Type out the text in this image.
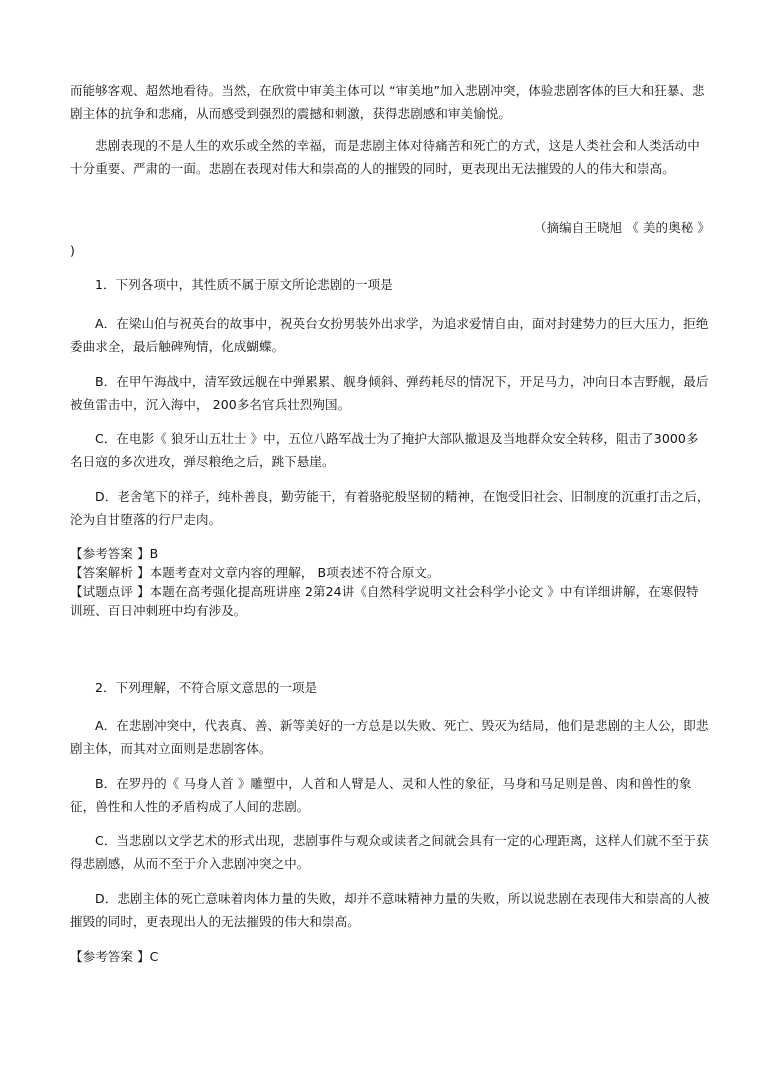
而能够客观、超然地看待。当然，在欣赏中审美主体可以 “审美地”加入悲剧冲突，体验悲剧客体的巨大和狂暴、悲剧主体的抗争和悲痛，从而感受到强烈的震撼和刺激，获得悲剧感和审美愉悦。

悲剧表现的不是人生的欢乐或全然的幸福，而是悲剧主体对待痛苦和死亡的方式，这是人类社会和人类活动中十分重要、严肃的一面。悲剧在表现对伟大和崇高的人的摧毁的同时，更表现出无法摧毁的人的伟大和崇高。

（摘编自王晓旭 《 美的奥秘 》

)

1．下列各项中，其性质不属于原文所论悲剧的一项是

A．在梁山伯与祝英台的故事中，祝英台女扮男装外出求学，为追求爱情自由，面对封建势力的巨大压力，拒绝委曲求全，最后触碑殉情，化成蝴蝶。

B．在甲午海战中，清军致远舰在中弹累累、舰身倾斜、弹药耗尽的情况下，开足马力，冲向日本吉野舰，最后被鱼雷击中，沉入海中， 200多名官兵壮烈殉国。

C．在电影《 狼牙山五壮士 》中，五位八路军战士为了掩护大部队撤退及当地群众安全转移，阻击了3000多名日寇的多次进攻，弹尽粮绝之后，跳下悬崖。

D．老舍笔下的祥子，纯朴善良，勤劳能干，有着骆驼般坚韧的精神，在饱受旧社会、旧制度的沉重打击之后，沦为自甘堕落的行尸走肉。

【参考答案 】B

【答案解析 】本题考查对文章内容的理解， B项表述不符合原文。

【试题点评 】本题在高考强化提高班讲座 2第24讲《自然科学说明文社会科学小论文 》中有详细讲解，在寒假特训班、百日冲刺班中均有涉及。

2．下列理解，不符合原文意思的一项是

A．在悲剧冲突中，代表真、善、新等美好的一方总是以失败、死亡、毁灭为结局，他们是悲剧的主人公，即悲剧主体，而其对立面则是悲剧客体。

B．在罗丹的《 马身人首 》雕塑中，人首和人臂是人、灵和人性的象征，马身和马足则是兽、肉和兽性的象征，兽性和人性的矛盾构成了人间的悲剧。

C．当悲剧以文学艺术的形式出现，悲剧事件与观众或读者之间就会具有一定的心理距离，这样人们就不至于获得悲剧感，从而不至于介入悲剧冲突之中。

D．悲剧主体的死亡意味着肉体力量的失败，却并不意味精神力量的失败，所以说悲剧在表现伟大和崇高的人被摧毁的同时，更表现出人的无法摧毁的伟大和崇高。

【参考答案 】C
